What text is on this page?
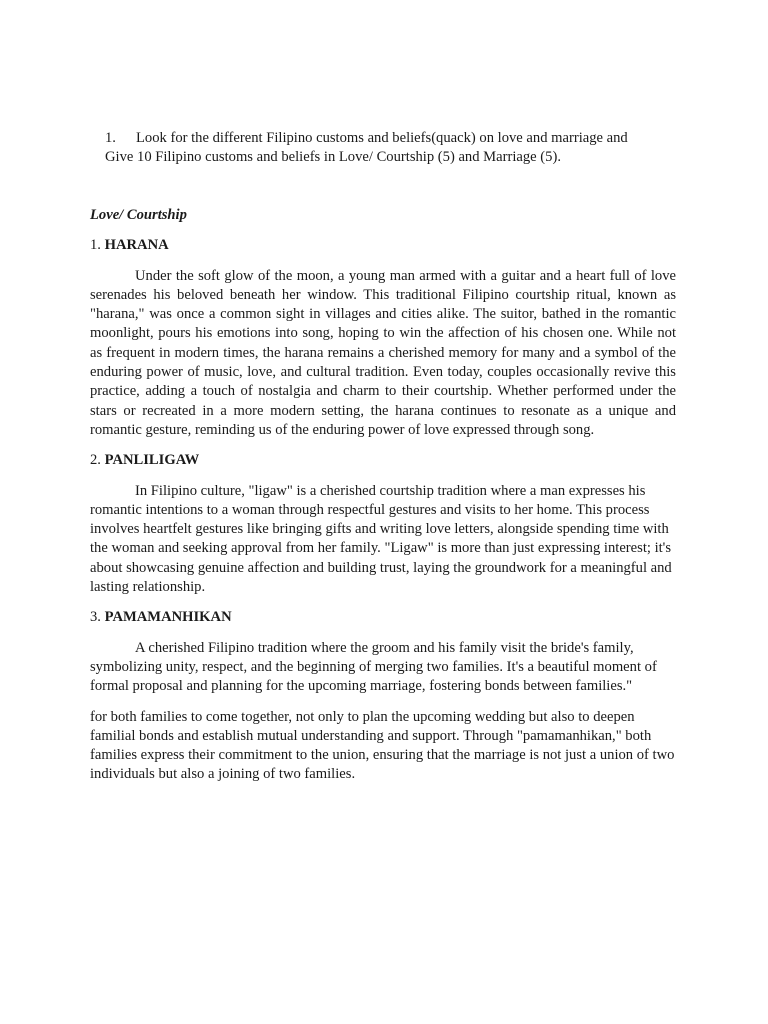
1. Look for the different Filipino customs and beliefs(quack) on love and marriage and
Give 10 Filipino customs and beliefs in Love/ Courtship (5) and Marriage (5).
Love/ Courtship
1. HARANA

Under the soft glow of the moon, a young man armed with a guitar and a heart full of love serenades his beloved beneath her window. This traditional Filipino courtship ritual, known as "harana," was once a common sight in villages and cities alike. The suitor, bathed in the romantic moonlight, pours his emotions into song, hoping to win the affection of his chosen one. While not as frequent in modern times, the harana remains a cherished memory for many and a symbol of the enduring power of music, love, and cultural tradition. Even today, couples occasionally revive this practice, adding a touch of nostalgia and charm to their courtship. Whether performed under the stars or recreated in a more modern setting, the harana continues to resonate as a unique and romantic gesture, reminding us of the enduring power of love expressed through song.

2. PANLILIGAW

In Filipino culture, "ligaw" is a cherished courtship tradition where a man expresses his romantic intentions to a woman through respectful gestures and visits to her home. This process involves heartfelt gestures like bringing gifts and writing love letters, alongside spending time with the woman and seeking approval from her family. "Ligaw" is more than just expressing interest; it's about showcasing genuine affection and building trust, laying the groundwork for a meaningful and lasting relationship.

3. PAMAMANHIKAN

A cherished Filipino tradition where the groom and his family visit the bride's family, symbolizing unity, respect, and the beginning of merging two families. It's a beautiful moment of formal proposal and planning for the upcoming marriage, fostering bonds between families."

for both families to come together, not only to plan the upcoming wedding but also to deepen familial bonds and establish mutual understanding and support. Through "pamamanhikan," both families express their commitment to the union, ensuring that the marriage is not just a union of two individuals but also a joining of two families.
